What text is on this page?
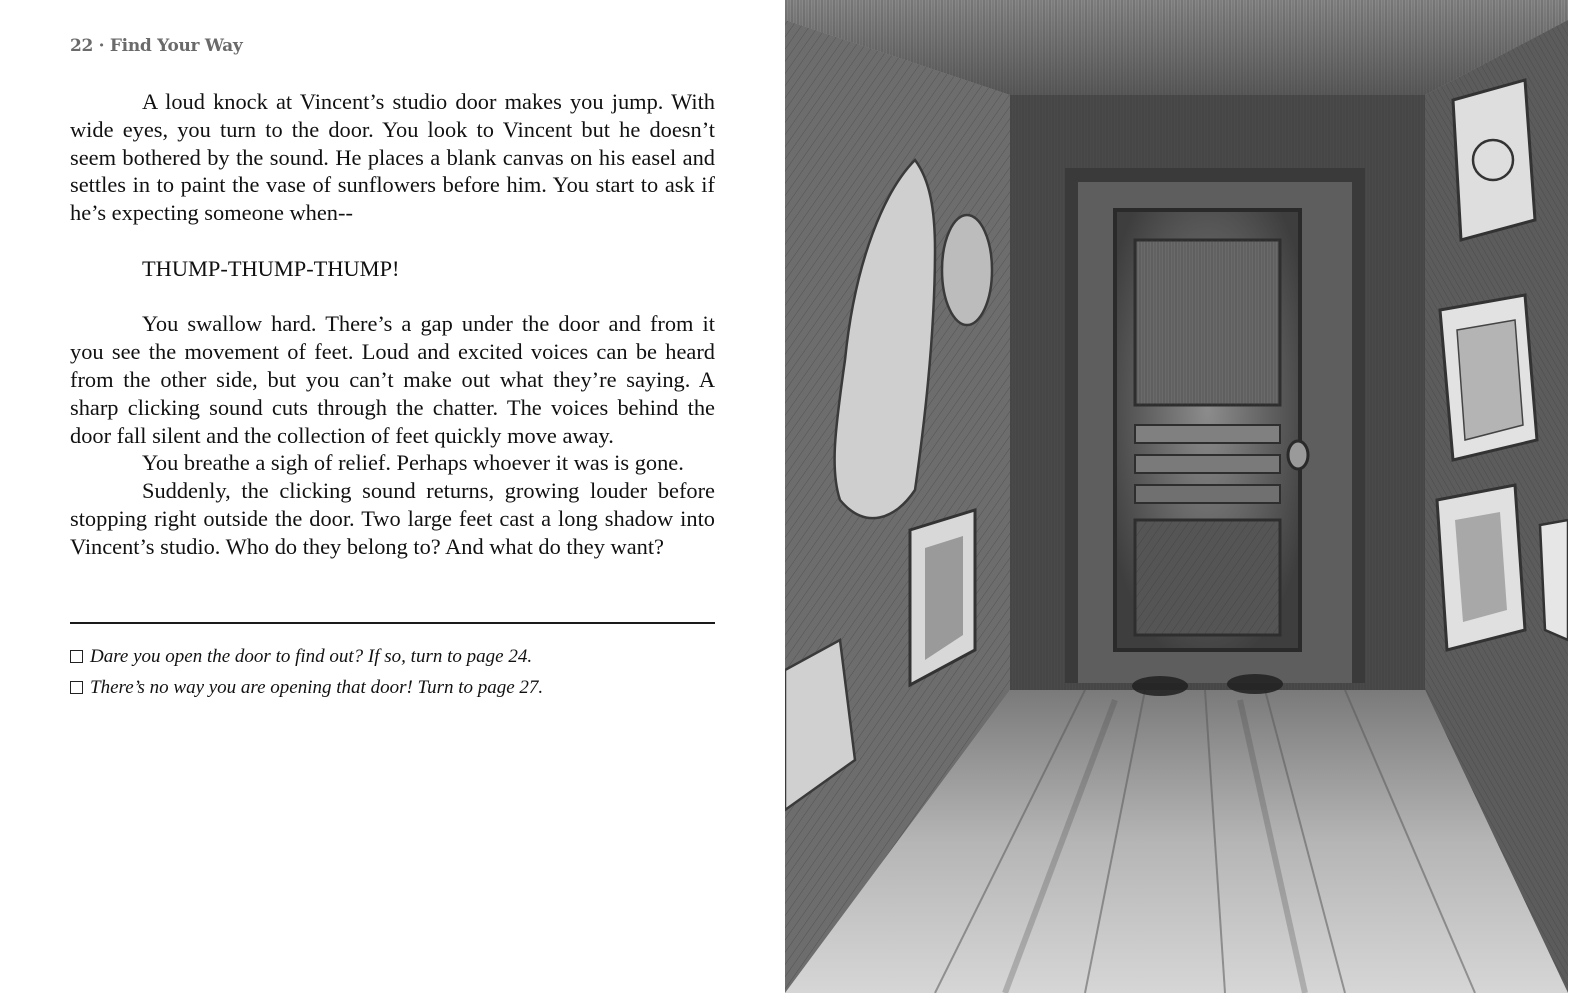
22 · Find Your Way

A loud knock at Vincent’s studio door makes you jump. With wide eyes, you turn to the door. You look to Vincent but he doesn’t seem bothered by the sound. He places a blank canvas on his easel and settles in to paint the vase of sunflowers before him. You start to ask if he’s expecting someone when--

THUMP-THUMP-THUMP!

You swallow hard. There’s a gap under the door and from it you see the movement of feet. Loud and excited voices can be heard from the other side, but you can’t make out what they’re saying. A sharp clicking sound cuts through the chatter. The voices behind the door fall silent and the collection of feet quickly move away.

You breathe a sigh of relief. Perhaps whoever it was is gone.

Suddenly, the clicking sound returns, growing louder before stopping right outside the door. Two large feet cast a long shadow into Vincent’s studio. Who do they belong to? And what do they want?

Dare you open the door to find out? If so, turn to page 24.
There’s no way you are opening that door! Turn to page 27.
